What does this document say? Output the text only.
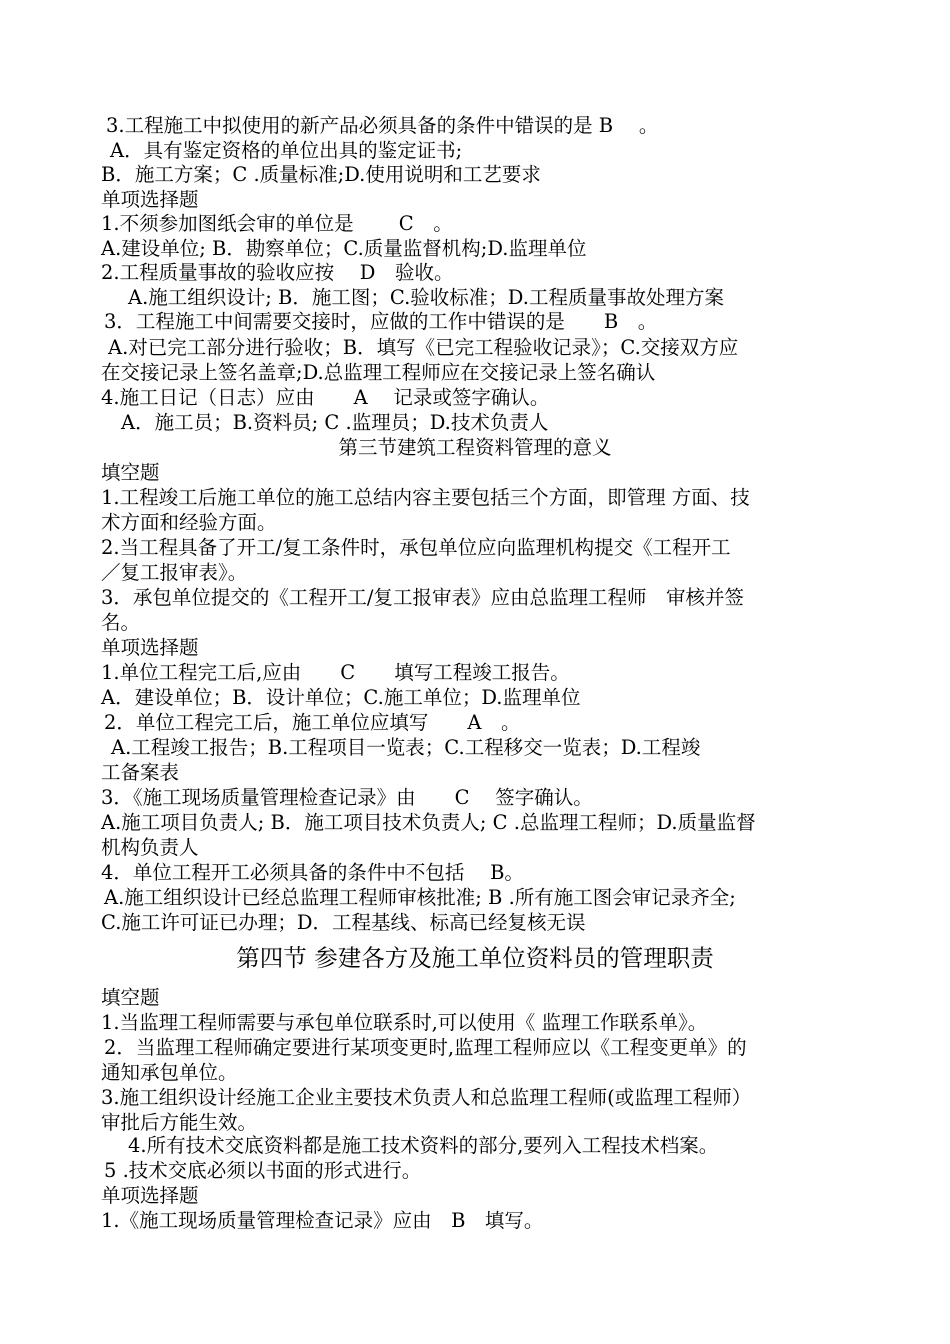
3.工程施工中拟使用的新产品必须具备的条件中错误的是 B　 。
A．具有鉴定资格的单位出具的鉴定证书;
B．施工方案；C .质量标准;D.使用说明和工艺要求
单项选择题
1.不须参加图纸会审的单位是　　 C　。
A.建设单位; B．勘察单位；C.质量监督机构;D.监理单位
2.工程质量事故的验收应按　 D　验收。
A.施工组织设计; B．施工图；C.验收标准；D.工程质量事故处理方案
3．工程施工中间需要交接时，应做的工作中错误的是　　B　。
A.对已完工部分进行验收；B．填写《已完工程验收记录》；C.交接双方应
在交接记录上签名盖章;D.总监理工程师应在交接记录上签名确认
4.施工日记（日志）应由　　A　 记录或签字确认。
A．施工员；B.资料员; C .监理员；D.技术负责人
第三节建筑工程资料管理的意义
填空题
1.工程竣工后施工单位的施工总结内容主要包括三个方面，即管理 方面、技
术方面和经验方面。
2.当工程具备了开工/复工条件时，承包单位应向监理机构提交《工程开工
／复工报审表》。
3．承包单位提交的《工程开工/复工报审表》应由总监理工程师　审核并签
名。
单项选择题
1.单位工程完工后,应由　　C　　填写工程竣工报告。
A．建设单位；B．设计单位；C.施工单位；D.监理单位
2．单位工程完工后，施工单位应填写　　A　。
A.工程竣工报告；B.工程项目一览表；C.工程移交一览表；D.工程竣
工备案表
3．《施工现场质量管理检查记录》由　　C　 签字确认。
A.施工项目负责人; B．施工项目技术负责人; C .总监理工程师；D.质量监督
机构负责人
4．单位工程开工必须具备的条件中不包括　 B。
A.施工组织设计已经总监理工程师审核批准; B .所有施工图会审记录齐全;
C.施工许可证已办理；D．工程基线、标高已经复核无误
第四节 参建各方及施工单位资料员的管理职责
填空题
1.当监理工程师需要与承包单位联系时,可以使用《 监理工作联系单》。
2．当监理工程师确定要进行某项变更时,监理工程师应以《工程变更单》的
通知承包单位。
3.施工组织设计经施工企业主要技术负责人和总监理工程师(或监理工程师）
审批后方能生效。
4.所有技术交底资料都是施工技术资料的部分,要列入工程技术档案。
5 .技术交底必须以书面的形式进行。
单项选择题
1.《施工现场质量管理检查记录》应由　B　填写。
